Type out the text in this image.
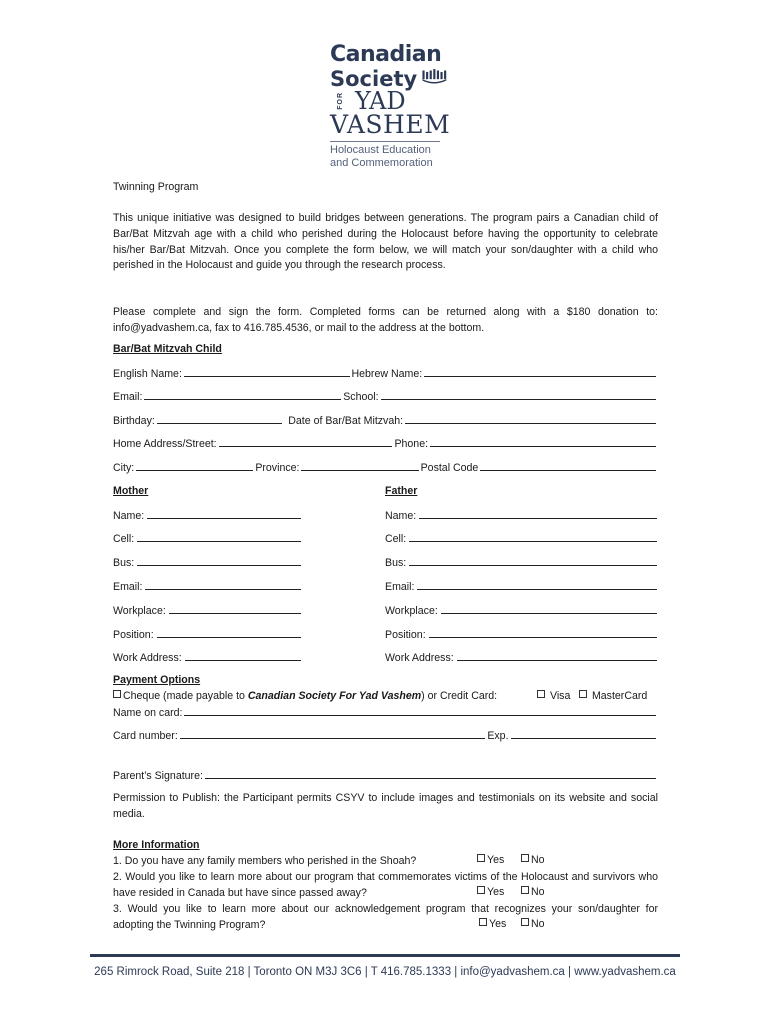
Canadian
Society
FOR YAD
VASHEM
Holocaust Education
and Commemoration
Twinning Program
This unique initiative was designed to build bridges between generations. The program pairs a Canadian child of Bar/Bat Mitzvah age with a child who perished during the Holocaust before having the opportunity to celebrate his/her Bar/Bat Mitzvah. Once you complete the form below, we will match your son/daughter with a child who perished in the Holocaust and guide you through the research process.
Please complete and sign the form. Completed forms can be returned along with a $180 donation to: info@yadvashem.ca, fax to 416.785.4536, or mail to the address at the bottom.
Bar/Bat Mitzvah Child
English Name:	Hebrew Name:
Email:	School:
Birthday:	Date of Bar/Bat Mitzvah:
Home Address/Street:	Phone:
City:	Province:	Postal Code
Mother	Father
Name:	Name:
Cell:	Cell:
Bus:	Bus:
Email:	Email:
Workplace:	Workplace:
Position:	Position:
Work Address:	Work Address:
Payment Options
Cheque (made payable to Canadian Society For Yad Vashem) or Credit Card:	Visa	MasterCard
Name on card:
Card number:	Exp.
Parent’s Signature:
Permission to Publish: the Participant permits CSYV to include images and testimonials on its website and social media.
More Information
1. Do you have any family members who perished in the Shoah?	Yes	No
2. Would you like to learn more about our program that commemorates victims of the Holocaust and survivors who have resided in Canada but have since passed away?	Yes	No
3. Would you like to learn more about our acknowledgement program that recognizes your son/daughter for adopting the Twinning Program?	Yes	No
265 Rimrock Road, Suite 218 | Toronto ON M3J 3C6 | T 416.785.1333 | info@yadvashem.ca | www.yadvashem.ca
